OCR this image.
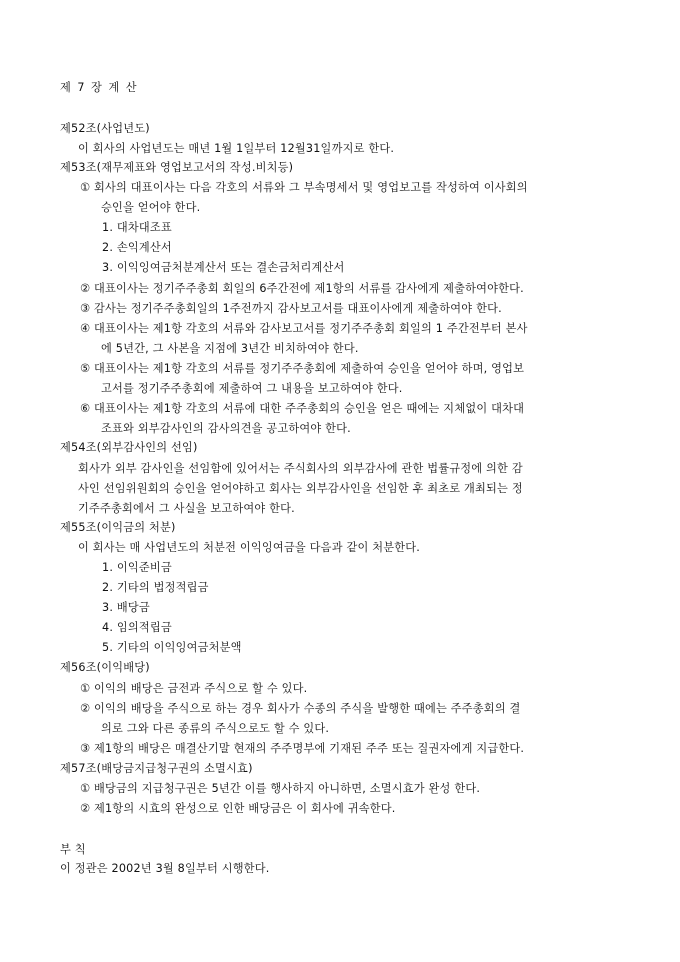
제 7 장 계 산
제52조(사업년도)
이 회사의 사업년도는 매년 1월 1일부터 12월31일까지로 한다.
제53조(재무제표와 영업보고서의 작성.비치등)
① 회사의 대표이사는 다음 각호의 서류와 그 부속명세서 및 영업보고를 작성하여 이사회의
승인을 얻어야 한다.
1. 대차대조표
2. 손익계산서
3. 이익잉여금처분계산서 또는 결손금처리계산서
② 대표이사는 정기주주총회 회일의 6주간전에 제1항의 서류를 감사에게 제출하여야한다.
③ 감사는 정기주주총회일의 1주전까지 감사보고서를 대표이사에게 제출하여야 한다.
④ 대표이사는 제1항 각호의 서류와 감사보고서를 정기주주총회 회일의 1 주간전부터 본사
에 5년간, 그 사본을 지점에 3년간 비치하여야 한다.
⑤ 대표이사는 제1항 각호의 서류를 정기주주총회에 제출하여 승인을 얻어야 하며, 영업보
고서를 정기주주총회에 제출하여 그 내용을 보고하여야 한다.
⑥ 대표이사는 제1항 각호의 서류에 대한 주주총회의 승인을 얻은 때에는 지체없이 대차대
조표와 외부감사인의 감사의견을 공고하여야 한다.
제54조(외부감사인의 선임)
회사가 외부 감사인을 선임함에 있어서는 주식회사의 외부감사에 관한 법률규정에 의한 감
사인 선임위원회의 승인을 얻어야하고 회사는 외부감사인을 선임한 후 최초로 개최되는 정
기주주총회에서 그 사실을 보고하여야 한다.
제55조(이익금의 처분)
이 회사는 매 사업년도의 처분전 이익잉여금을 다음과 같이 처분한다.
1. 이익준비금
2. 기타의 법정적립금
3. 배당금
4. 임의적립금
5. 기타의 이익잉여금처분액
제56조(이익배당)
① 이익의 배당은 금전과 주식으로 할 수 있다.
② 이익의 배당을 주식으로 하는 경우 회사가 수종의 주식을 발행한 때에는 주주총회의 결
의로 그와 다른 종류의 주식으로도 할 수 있다.
③ 제1항의 배당은 매결산기말 현재의 주주명부에 기재된 주주 또는 질권자에게 지급한다.
제57조(배당금지급청구권의 소멸시효)
① 배당금의 지급청구권은 5년간 이를 행사하지 아니하면, 소멸시효가 완성 한다.
② 제1항의 시효의 완성으로 인한 배당금은 이 회사에 귀속한다.
부 칙
이 정관은 2002년 3월 8일부터 시행한다.
